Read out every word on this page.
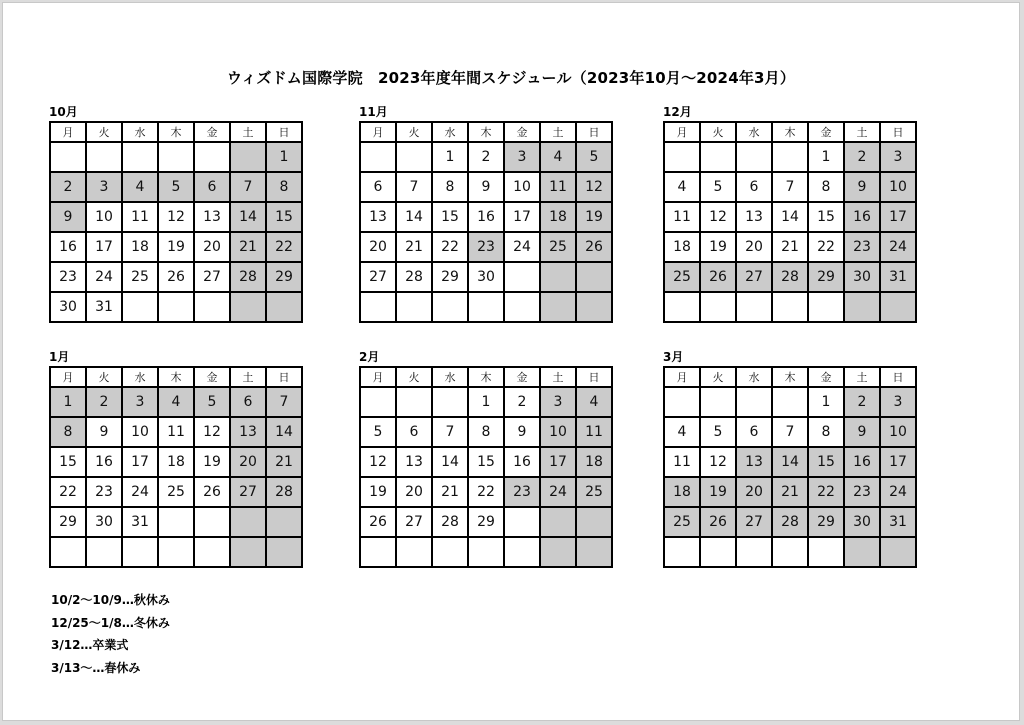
ウィズドム国際学院　2023年度年間スケジュール（2023年10月～2024年3月）
10月
月	火	水	木	金	土	日
						1
2	3	4	5	6	7	8
9	10	11	12	13	14	15
16	17	18	19	20	21	22
23	24	25	26	27	28	29
30	31					
11月
月	火	水	木	金	土	日
		1	2	3	4	5
6	7	8	9	10	11	12
13	14	15	16	17	18	19
20	21	22	23	24	25	26
27	28	29	30			

12月
月	火	水	木	金	土	日
				1	2	3
4	5	6	7	8	9	10
11	12	13	14	15	16	17
18	19	20	21	22	23	24
25	26	27	28	29	30	31

1月
月	火	水	木	金	土	日
1	2	3	4	5	6	7
8	9	10	11	12	13	14
15	16	17	18	19	20	21
22	23	24	25	26	27	28
29	30	31				

2月
月	火	水	木	金	土	日
			1	2	3	4
5	6	7	8	9	10	11
12	13	14	15	16	17	18
19	20	21	22	23	24	25
26	27	28	29			

3月
月	火	水	木	金	土	日
				1	2	3
4	5	6	7	8	9	10
11	12	13	14	15	16	17
18	19	20	21	22	23	24
25	26	27	28	29	30	31

10/2～10/9…秋休み
12/25～1/8…冬休み
3/12…卒業式
3/13～…春休み
